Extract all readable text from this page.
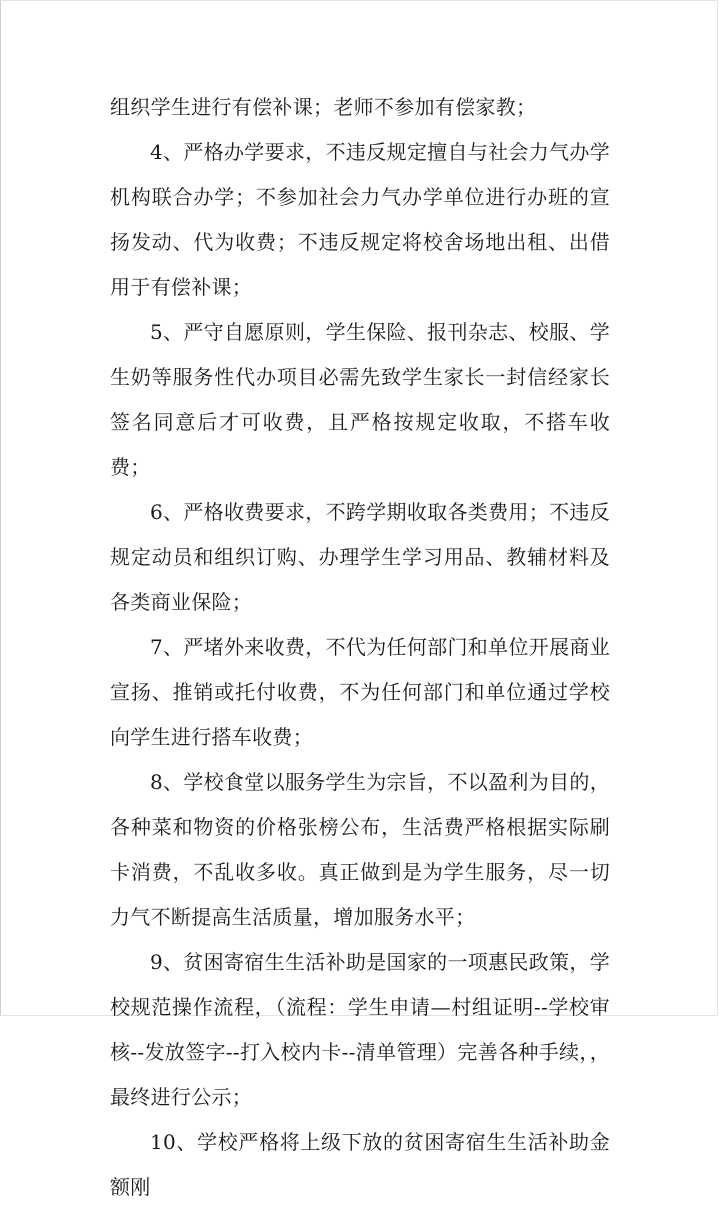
组织学生进行有偿补课；老师不参加有偿家教；

4、严格办学要求，不违反规定擅自与社会力气办学机构联合办学；不参加社会力气办学单位进行办班的宣扬发动、代为收费；不违反规定将校舍场地出租、出借用于有偿补课；

5、严守自愿原则，学生保险、报刊杂志、校服、学生奶等服务性代办项目必需先致学生家长一封信经家长签名同意后才可收费，且严格按规定收取，不搭车收费；

6、严格收费要求，不跨学期收取各类费用；不违反规定动员和组织订购、办理学生学习用品、教辅材料及各类商业保险；

7、严堵外来收费，不代为任何部门和单位开展商业宣扬、推销或托付收费，不为任何部门和单位通过学校向学生进行搭车收费；

8、学校食堂以服务学生为宗旨，不以盈利为目的，各种菜和物资的价格张榜公布，生活费严格根据实际刷卡消费，不乱收多收。真正做到是为学生服务，尽一切力气不断提高生活质量，增加服务水平；

9、贫困寄宿生生活补助是国家的一项惠民政策，学校规范操作流程，（流程：学生申请—村组证明--学校审核--发放签字--打入校内卡--清单管理）完善各种手续，，最终进行公示；

10、学校严格将上级下放的贫困寄宿生生活补助金额刚
